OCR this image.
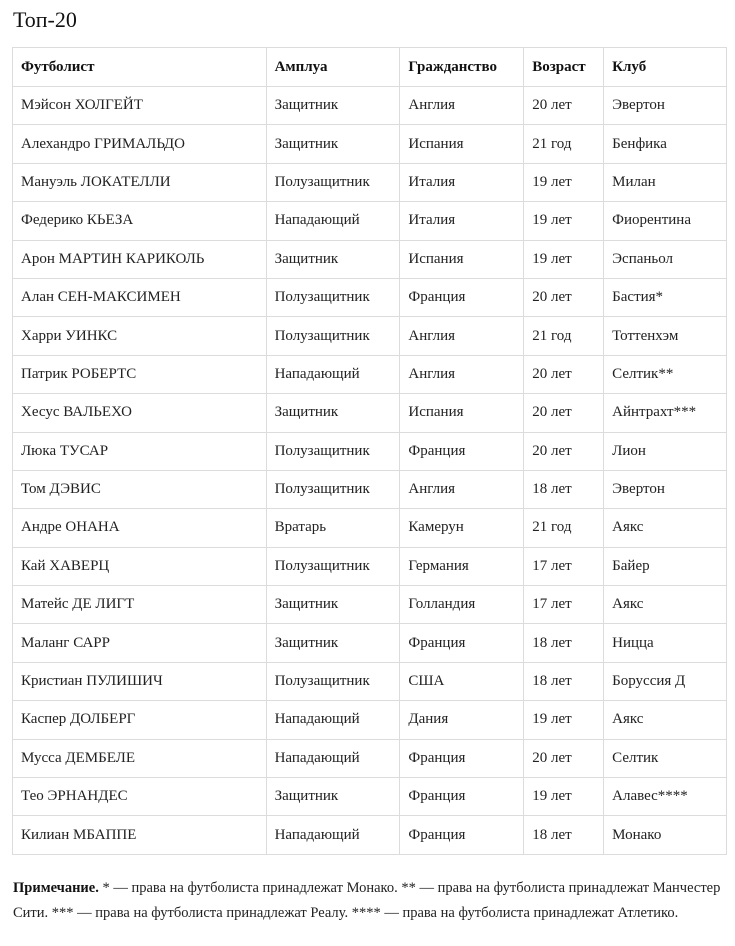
Топ-20
Футболист	Амплуа	Гражданство	Возраст	Клуб
Мэйсон ХОЛГЕЙТ	Защитник	Англия	20 лет	Эвертон
Алехандро ГРИМАЛЬДО	Защитник	Испания	21 год	Бенфика
Мануэль ЛОКАТЕЛЛИ	Полузащитник	Италия	19 лет	Милан
Федерико КЬЕЗА	Нападающий	Италия	19 лет	Фиорентина
Арон МАРТИН КАРИКОЛЬ	Защитник	Испания	19 лет	Эспаньол
Алан СЕН-МАКСИМЕН	Полузащитник	Франция	20 лет	Бастия*
Харри УИНКС	Полузащитник	Англия	21 год	Тоттенхэм
Патрик РОБЕРТС	Нападающий	Англия	20 лет	Селтик**
Хесус ВАЛЬЕХО	Защитник	Испания	20 лет	Айнтрахт***
Люка ТУСАР	Полузащитник	Франция	20 лет	Лион
Том ДЭВИС	Полузащитник	Англия	18 лет	Эвертон
Андре ОНАНА	Вратарь	Камерун	21 год	Аякс
Кай ХАВЕРЦ	Полузащитник	Германия	17 лет	Байер
Матейс ДЕ ЛИГТ	Защитник	Голландия	17 лет	Аякс
Маланг САРР	Защитник	Франция	18 лет	Ницца
Кристиан ПУЛИШИЧ	Полузащитник	США	18 лет	Боруссия Д
Каспер ДОЛБЕРГ	Нападающий	Дания	19 лет	Аякс
Мусса ДЕМБЕЛЕ	Нападающий	Франция	20 лет	Селтик
Тео ЭРНАНДЕС	Защитник	Франция	19 лет	Алавес****
Килиан МБАППЕ	Нападающий	Франция	18 лет	Монако

Примечание. * — права на футболиста принадлежат Монако. ** — права на футболиста принадлежат Манчестер Сити. *** — права на футболиста принадлежат Реалу. **** — права на футболиста принадлежат Атлетико.
